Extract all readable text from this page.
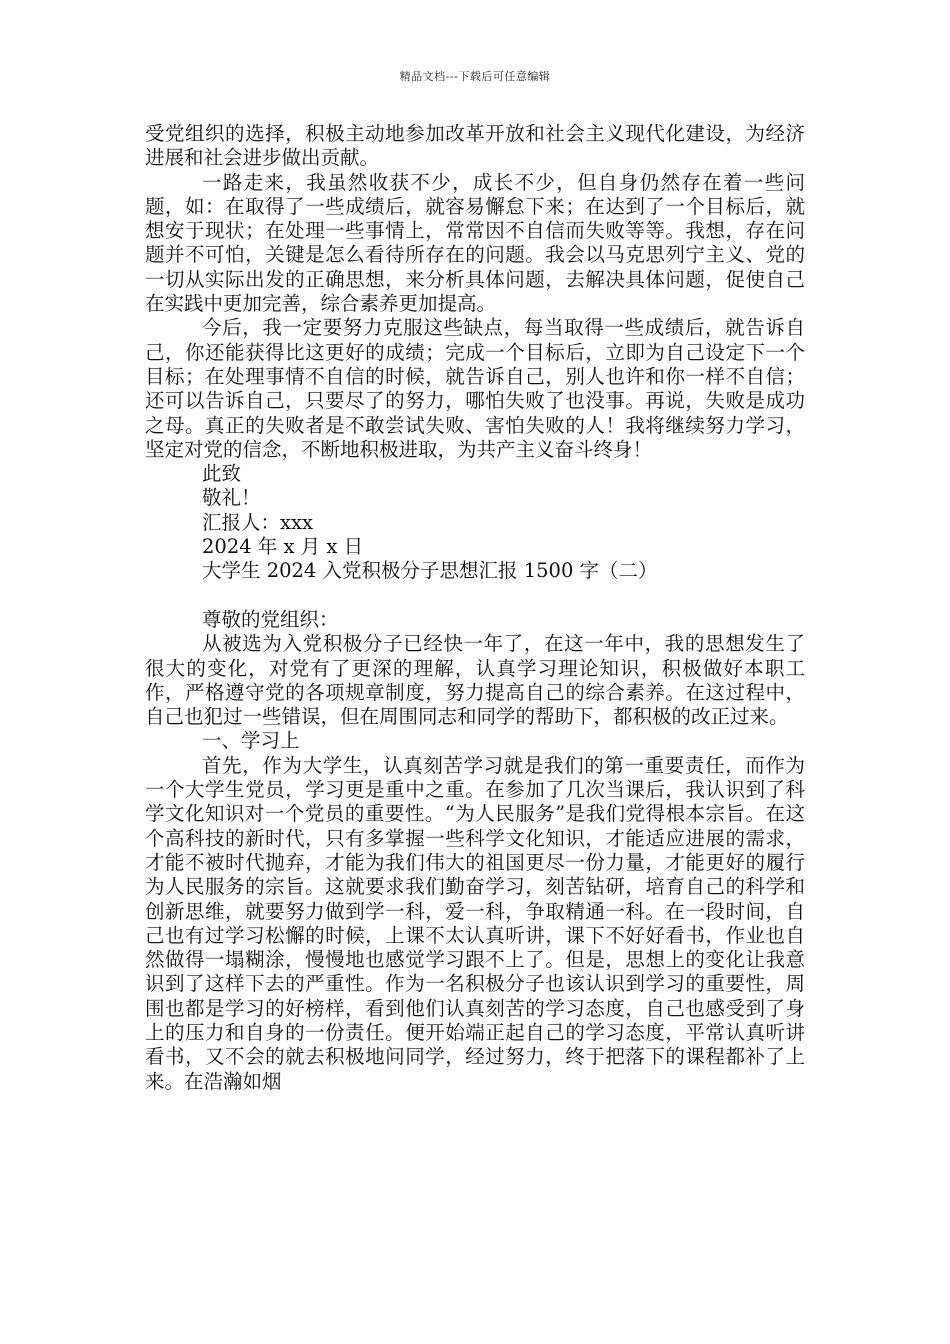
精品文档---下载后可任意编辑

受党组织的选择，积极主动地参加改革开放和社会主义现代化建设，为经济进展和社会进步做出贡献。

一路走来，我虽然收获不少，成长不少，但自身仍然存在着一些问题，如：在取得了一些成绩后，就容易懈怠下来；在达到了一个目标后，就想安于现状；在处理一些事情上，常常因不自信而失败等等。我想，存在问题并不可怕，关键是怎么看待所存在的问题。我会以马克思列宁主义、党的一切从实际出发的正确思想，来分析具体问题，去解决具体问题，促使自己在实践中更加完善，综合素养更加提高。

今后，我一定要努力克服这些缺点，每当取得一些成绩后，就告诉自己，你还能获得比这更好的成绩；完成一个目标后，立即为自己设定下一个目标；在处理事情不自信的时候，就告诉自己，别人也许和你一样不自信；还可以告诉自己，只要尽了的努力，哪怕失败了也没事。再说，失败是成功之母。真正的失败者是不敢尝试失败、害怕失败的人！我将继续努力学习，坚定对党的信念，不断地积极进取，为共产主义奋斗终身！

此致

敬礼！

汇报人：xxx

2024 年 x 月 x 日

大学生 2024 入党积极分子思想汇报 1500 字（二）

尊敬的党组织：

从被选为入党积极分子已经快一年了，在这一年中，我的思想发生了很大的变化，对党有了更深的理解，认真学习理论知识，积极做好本职工作，严格遵守党的各项规章制度，努力提高自己的综合素养。在这过程中，自己也犯过一些错误，但在周围同志和同学的帮助下，都积极的改正过来。

一、学习上

首先，作为大学生，认真刻苦学习就是我们的第一重要责任，而作为一个大学生党员，学习更是重中之重。在参加了几次当课后，我认识到了科学文化知识对一个党员的重要性。“为人民服务”是我们党得根本宗旨。在这个高科技的新时代，只有多掌握一些科学文化知识，才能适应进展的需求，才能不被时代抛弃，才能为我们伟大的祖国更尽一份力量，才能更好的履行为人民服务的宗旨。这就要求我们勤奋学习，刻苦钻研，培育自己的科学和创新思维，就要努力做到学一科，爱一科，争取精通一科。在一段时间，自己也有过学习松懈的时候，上课不太认真听讲，课下不好好看书，作业也自然做得一塌糊涂，慢慢地也感觉学习跟不上了。但是，思想上的变化让我意识到了这样下去的严重性。作为一名积极分子也该认识到学习的重要性，周围也都是学习的好榜样，看到他们认真刻苦的学习态度，自己也感受到了身上的压力和自身的一份责任。便开始端正起自己的学习态度，平常认真听讲看书，又不会的就去积极地问同学，经过努力，终于把落下的课程都补了上来。在浩瀚如烟
